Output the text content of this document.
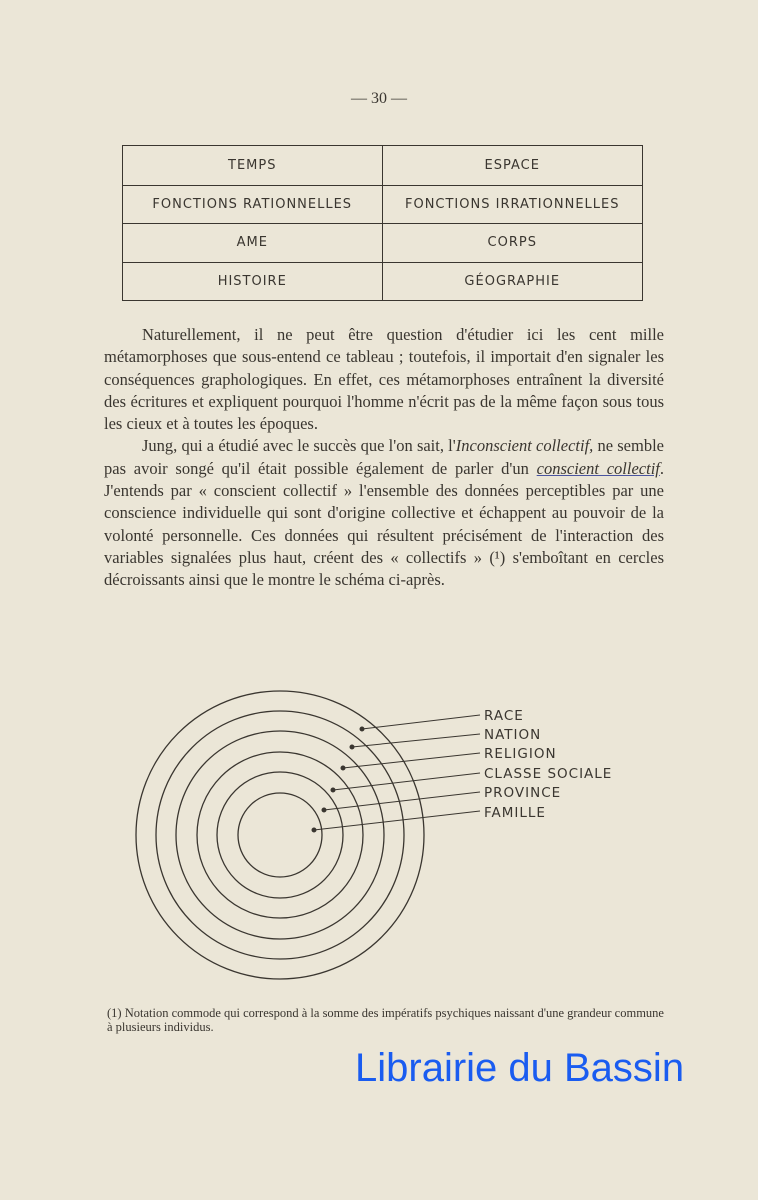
— 30 —
TEMPS	ESPACE
FONCTIONS RATIONNELLES	FONCTIONS IRRATIONNELLES
AME	CORPS
HISTOIRE	GÉOGRAPHIE

Naturellement, il ne peut être question d'étudier ici les cent mille métamorphoses que sous-entend ce tableau ; toutefois, il importait d'en signaler les conséquences graphologiques. En effet, ces métamorphoses entraînent la diversité des écritures et expliquent pourquoi l'homme n'écrit pas de la même façon sous tous les cieux et à toutes les époques.

Jung, qui a étudié avec le succès que l'on sait, l'Inconscient collectif, ne semble pas avoir songé qu'il était possible également de parler d'un conscient collectif. J'entends par « conscient collectif » l'ensemble des données perceptibles par une conscience individuelle qui sont d'origine collective et échappent au pouvoir de la volonté personnelle. Ces données qui résultent précisément de l'interaction des variables signalées plus haut, créent des « collectifs » (¹) s'emboîtant en cercles décroissants ainsi que le montre le schéma ci-après.

RACE
NATION
RELIGION
CLASSE SOCIALE
PROVINCE
FAMILLE
(1) Notation commode qui correspond à la somme des impératifs psychiques naissant d'une grandeur commune à plusieurs individus.
Librairie du Bassin
